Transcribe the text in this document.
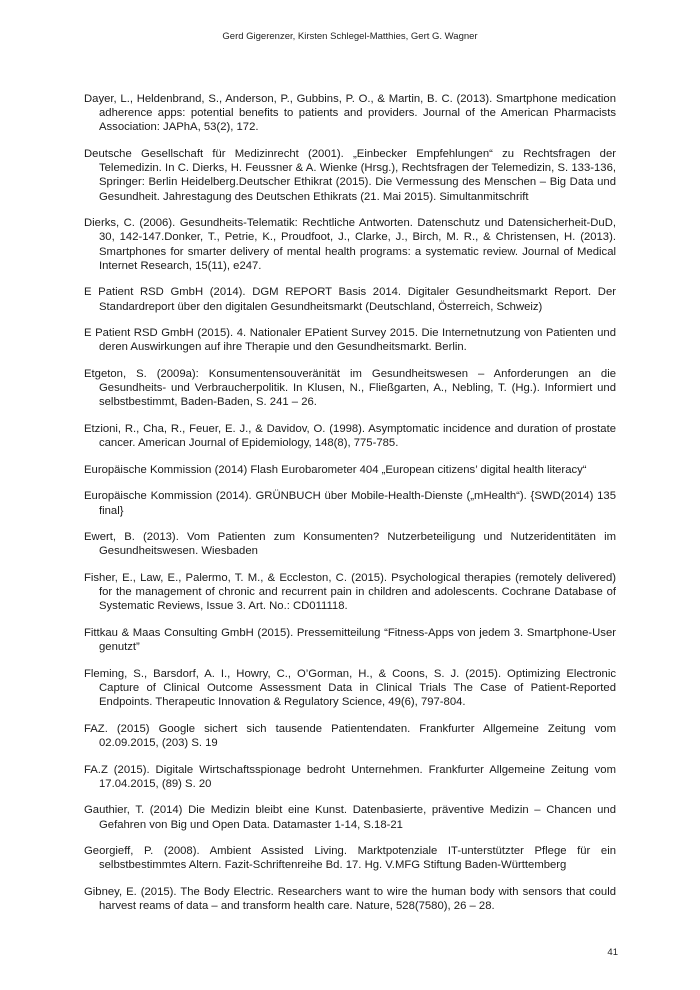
Gerd Gigerenzer, Kirsten Schlegel-Matthies, Gert G. Wagner

Dayer, L., Heldenbrand, S., Anderson, P., Gubbins, P. O., & Martin, B. C. (2013). Smartphone medication adherence apps: potential benefits to patients and providers. Journal of the American Pharmacists Association: JAPhA, 53(2), 172.

Deutsche Gesellschaft für Medizinrecht (2001). „Einbecker Empfehlungen“ zu Rechtsfragen der Telemedizin. In C. Dierks, H. Feussner & A. Wienke (Hrsg.), Rechtsfragen der Telemedizin, S. 133-136, Springer: Berlin Heidelberg.Deutscher Ethikrat (2015). Die Vermessung des Menschen – Big Data und Gesundheit. Jahrestagung des Deutschen Ethikrats (21. Mai 2015). Simultanmitschrift

Dierks, C. (2006). Gesundheits-Telematik: Rechtliche Antworten. Datenschutz und Datensicherheit-DuD, 30, 142-147.Donker, T., Petrie, K., Proudfoot, J., Clarke, J., Birch, M. R., & Christensen, H. (2013). Smartphones for smarter delivery of mental health programs: a systematic review. Journal of Medical Internet Research, 15(11), e247.

E Patient RSD GmbH (2014). DGM REPORT Basis 2014. Digitaler Gesundheitsmarkt Report. Der Standardreport über den digitalen Gesundheitsmarkt (Deutschland, Österreich, Schweiz)

E Patient RSD GmbH (2015). 4. Nationaler EPatient Survey 2015. Die Internetnutzung von Patienten und deren Auswirkungen auf ihre Therapie und den Gesundheitsmarkt. Berlin.

Etgeton, S. (2009a): Konsumentensouveränität im Gesundheitswesen – Anforderungen an die Gesundheits- und Verbraucherpolitik. In Klusen, N., Fließgarten, A., Nebling, T. (Hg.). Informiert und selbstbestimmt, Baden-Baden, S. 241 – 26.

Etzioni, R., Cha, R., Feuer, E. J., & Davidov, O. (1998). Asymptomatic incidence and duration of prostate cancer. American Journal of Epidemiology, 148(8), 775-785.

Europäische Kommission (2014) Flash Eurobarometer 404 „European citizens’ digital health literacy“

Europäische Kommission (2014). GRÜNBUCH über Mobile-Health-Dienste („mHealth“). {SWD(2014) 135 final}

Ewert, B. (2013). Vom Patienten zum Konsumenten? Nutzerbeteiligung und Nutzeridentitäten im Gesundheitswesen. Wiesbaden

Fisher, E., Law, E., Palermo, T. M., & Eccleston, C. (2015). Psychological therapies (remotely delivered) for the management of chronic and recurrent pain in children and adolescents. Cochrane Database of Systematic Reviews, Issue 3. Art. No.: CD011118.

Fittkau & Maas Consulting GmbH (2015). Pressemitteilung “Fitness-Apps von jedem 3. Smartphone-User genutzt”

Fleming, S., Barsdorf, A. I., Howry, C., O’Gorman, H., & Coons, S. J. (2015). Optimizing Electronic Capture of Clinical Outcome Assessment Data in Clinical Trials The Case of Patient-Reported Endpoints. Therapeutic Innovation & Regulatory Science, 49(6), 797-804.

FAZ. (2015) Google sichert sich tausende Patientendaten. Frankfurter Allgemeine Zeitung vom 02.09.2015, (203) S. 19

FA.Z (2015). Digitale Wirtschaftsspionage bedroht Unternehmen. Frankfurter Allgemeine Zeitung vom 17.04.2015, (89) S. 20

Gauthier, T. (2014) Die Medizin bleibt eine Kunst. Datenbasierte, präventive Medizin – Chancen und Gefahren von Big und Open Data. Datamaster 1-14, S.18-21

Georgieff, P. (2008). Ambient Assisted Living. Marktpotenziale IT-unterstützter Pflege für ein selbstbestimmtes Altern. Fazit-Schriftenreihe Bd. 17. Hg. V.MFG Stiftung Baden-Württemberg

Gibney, E. (2015). The Body Electric. Researchers want to wire the human body with sensors that could harvest reams of data – and transform health care. Nature, 528(7580), 26 – 28.

41
